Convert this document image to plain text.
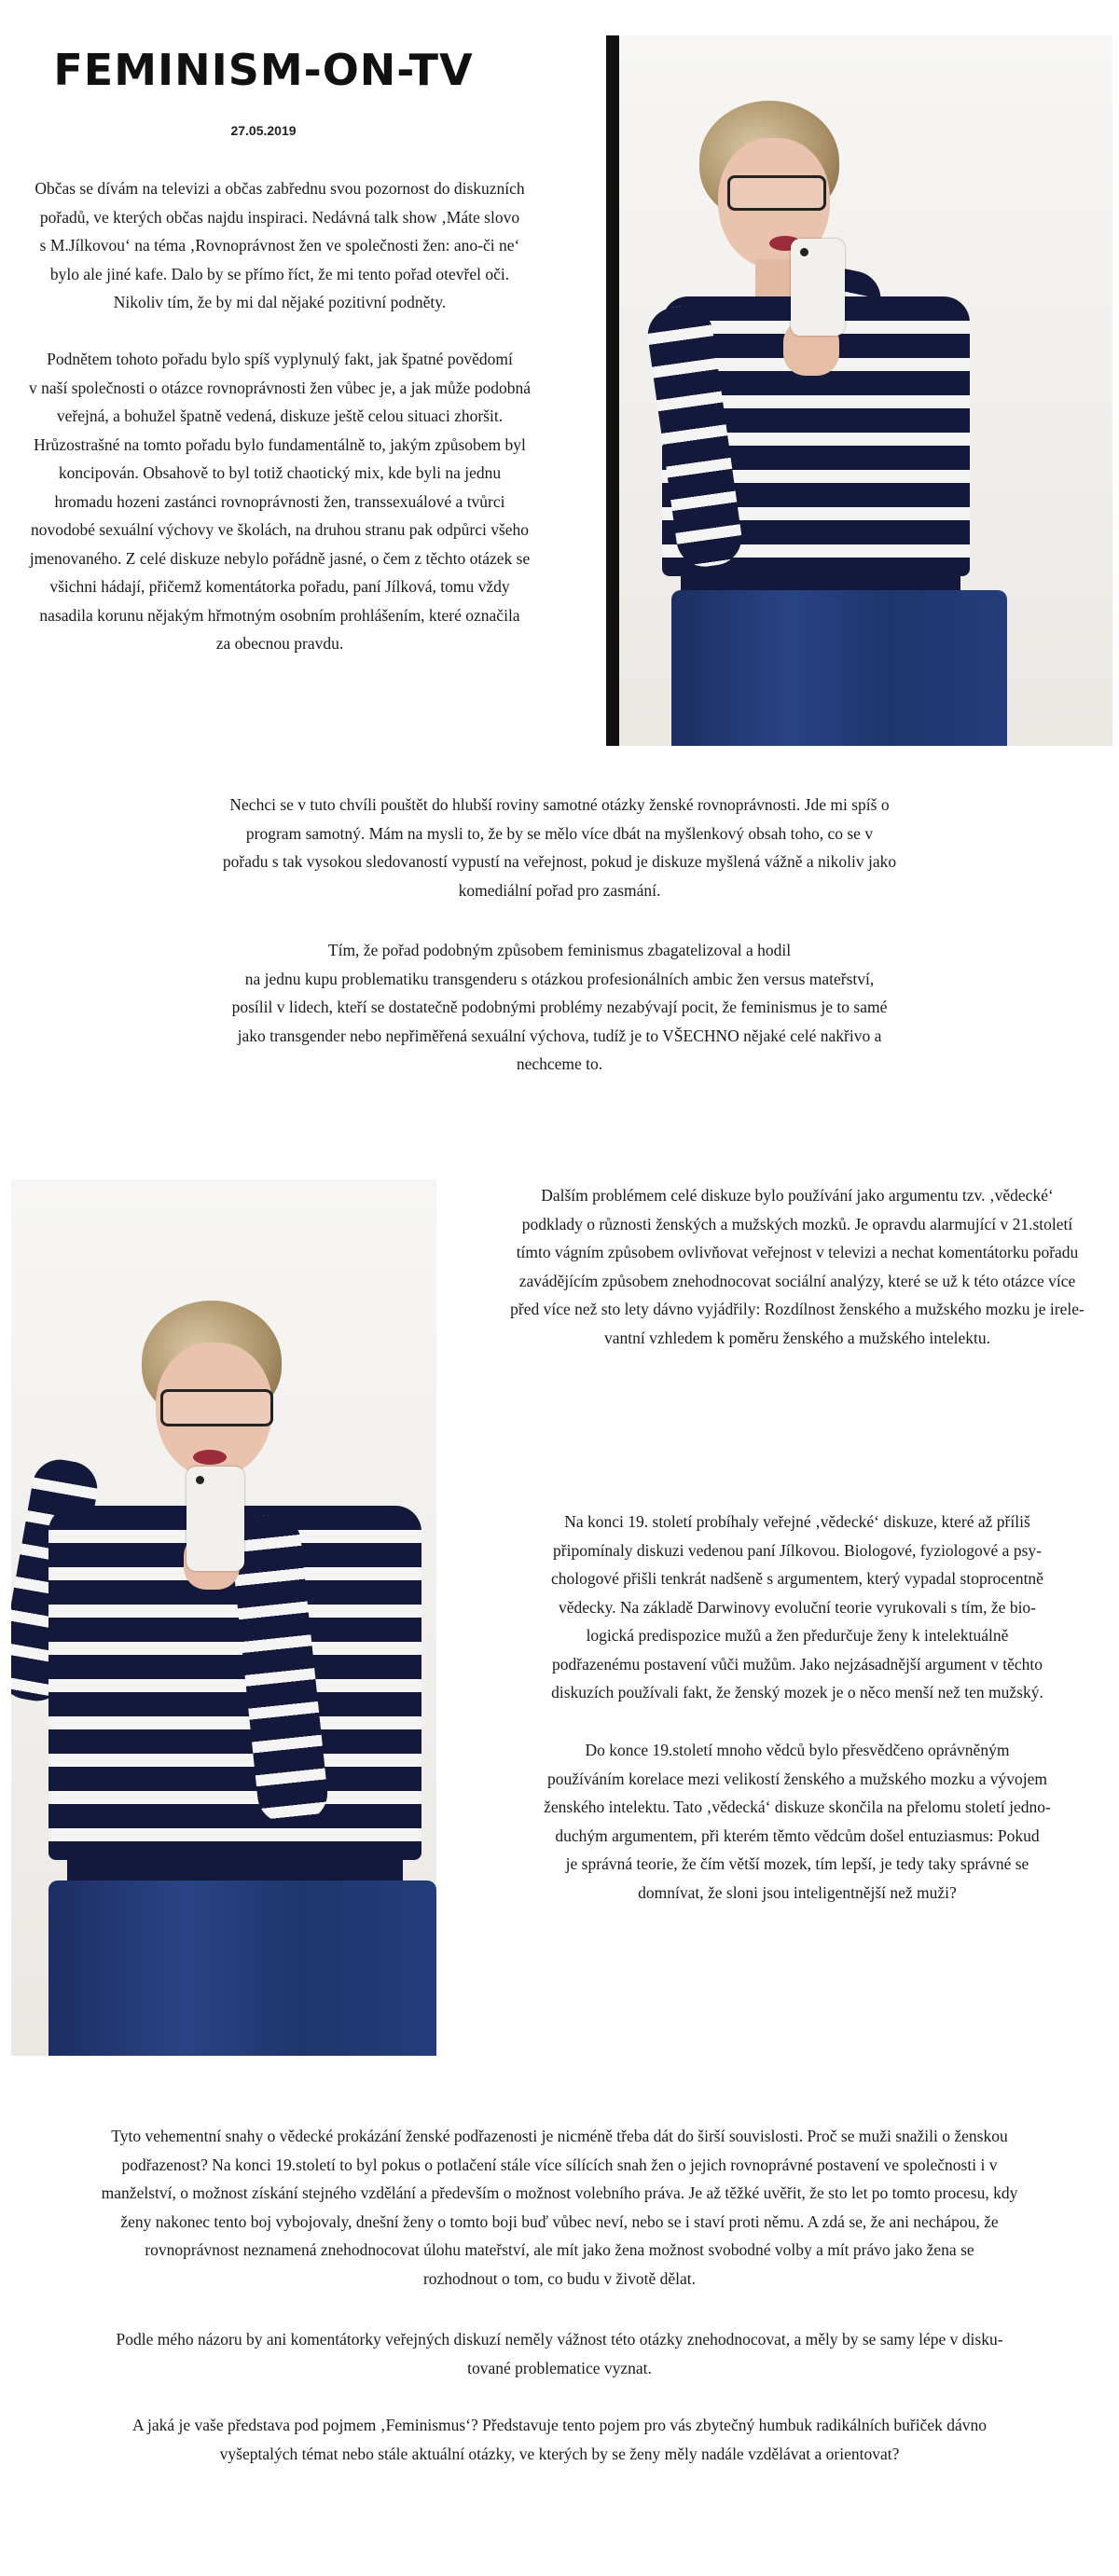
FEMINISM-ON-TV
27.05.2019
Občas se dívám na televizi a občas zabřednu svou pozornost do diskuzních
pořadů, ve kterých občas najdu inspiraci. Nedávná talk show ‚Máte slovo
s M.Jílkovou‘ na téma ‚Rovnoprávnost žen ve společnosti žen: ano-či ne‘
bylo ale jiné kafe. Dalo by se přímo říct, že mi tento pořad otevřel oči.
Nikoliv tím, že by mi dal nějaké pozitivní podněty.
Podnětem tohoto pořadu bylo spíš vyplynulý fakt, jak špatné povědomí
v naší společnosti o otázce rovnoprávnosti žen vůbec je, a jak může podobná
veřejná, a bohužel špatně vedená, diskuze ještě celou situaci zhoršit.
Hrůzostrašné na tomto pořadu bylo fundamentálně to, jakým způsobem byl
koncipován. Obsahově to byl totiž chaotický mix, kde byli na jednu
hromadu hozeni zastánci rovnoprávnosti žen, transsexuálové a tvůrci
novodobé sexuální výchovy ve školách, na druhou stranu pak odpůrci všeho
jmenovaného. Z celé diskuze nebylo pořádně jasné, o čem z těchto otázek se
všichni hádají, přičemž komentátorka pořadu, paní Jílková, tomu vždy
nasadila korunu nějakým hřmotným osobním prohlášením, které označila
za obecnou pravdu.
Nechci se v tuto chvíli pouštět do hlubší roviny samotné otázky ženské rovnoprávnosti. Jde mi spíš o
program samotný. Mám na mysli to, že by se mělo více dbát na myšlenkový obsah toho, co se v
pořadu s tak vysokou sledovaností vypustí na veřejnost, pokud je diskuze myšlená vážně a nikoliv jako
komediální pořad pro zasmání.
Tím, že pořad podobným způsobem feminismus zbagatelizoval a hodil
na jednu kupu problematiku transgenderu s otázkou profesionálních ambic žen versus mateřství,
posílil v lidech, kteří se dostatečně podobnými problémy nezabývají pocit, že feminismus je to samé
jako transgender nebo nepřiměřená sexuální výchova, tudíž je to VŠECHNO nějaké celé nakřivo a
nechceme to.
Dalším problémem celé diskuze bylo používání jako argumentu tzv. ‚vědecké‘
podklady o různosti ženských a mužských mozků. Je opravdu alarmující v 21.století
tímto vágním způsobem ovlivňovat veřejnost v televizi a nechat komentátorku pořadu
zavádějícím způsobem znehodnocovat sociální analýzy, které se už k této otázce více
před více než sto lety dávno vyjádřily: Rozdílnost ženského a mužského mozku je irele-
vantní vzhledem k poměru ženského a mužského intelektu.
Na konci 19. století probíhaly veřejné ‚vědecké‘ diskuze, které až příliš
připomínaly diskuzi vedenou paní Jílkovou. Biologové, fyziologové a psy-
chologové přišli tenkrát nadšeně s argumentem, který vypadal stoprocentně
vědecky. Na základě Darwinovy evoluční teorie vyrukovali s tím, že bio-
logická predispozice mužů a žen předurčuje ženy k intelektuálně
podřazenému postavení vůči mužům. Jako nejzásadnější argument v těchto
diskuzích používali fakt, že ženský mozek je o něco menší než ten mužský.
Do konce 19.století mnoho vědců bylo přesvědčeno oprávněným
používáním korelace mezi velikostí ženského a mužského mozku a vývojem
ženského intelektu. Tato ‚vědecká‘ diskuze skončila na přelomu století jedno-
duchým argumentem, při kterém těmto vědcům došel entuziasmus: Pokud
je správná teorie, že čím větší mozek, tím lepší, je tedy taky správné se
domnívat, že sloni jsou inteligentnější než muži?
Tyto vehementní snahy o vědecké prokázání ženské podřazenosti je nicméně třeba dát do širší souvislosti. Proč se muži snažili o ženskou
podřazenost? Na konci 19.století to byl pokus o potlačení stále více sílících snah žen o jejich rovnoprávné postavení ve společnosti i v
manželství, o možnost získání stejného vzdělání a především o možnost volebního práva. Je až těžké uvěřit, že sto let po tomto procesu, kdy
ženy nakonec tento boj vybojovaly, dnešní ženy o tomto boji buď vůbec neví, nebo se i staví proti němu. A zdá se, že ani nechápou, že
rovnoprávnost neznamená znehodnocovat úlohu mateřství, ale mít jako žena možnost svobodné volby a mít právo jako žena se
rozhodnout o tom, co budu v životě dělat.
Podle mého názoru by ani komentátorky veřejných diskuzí neměly vážnost této otázky znehodnocovat, a měly by se samy lépe v disku-
tované problematice vyznat.
A jaká je vaše představa pod pojmem ‚Feminismus‘? Představuje tento pojem pro vás zbytečný humbuk radikálních buřiček dávno
vyšeptalých témat nebo stále aktuální otázky, ve kterých by se ženy měly nadále vzdělávat a orientovat?
